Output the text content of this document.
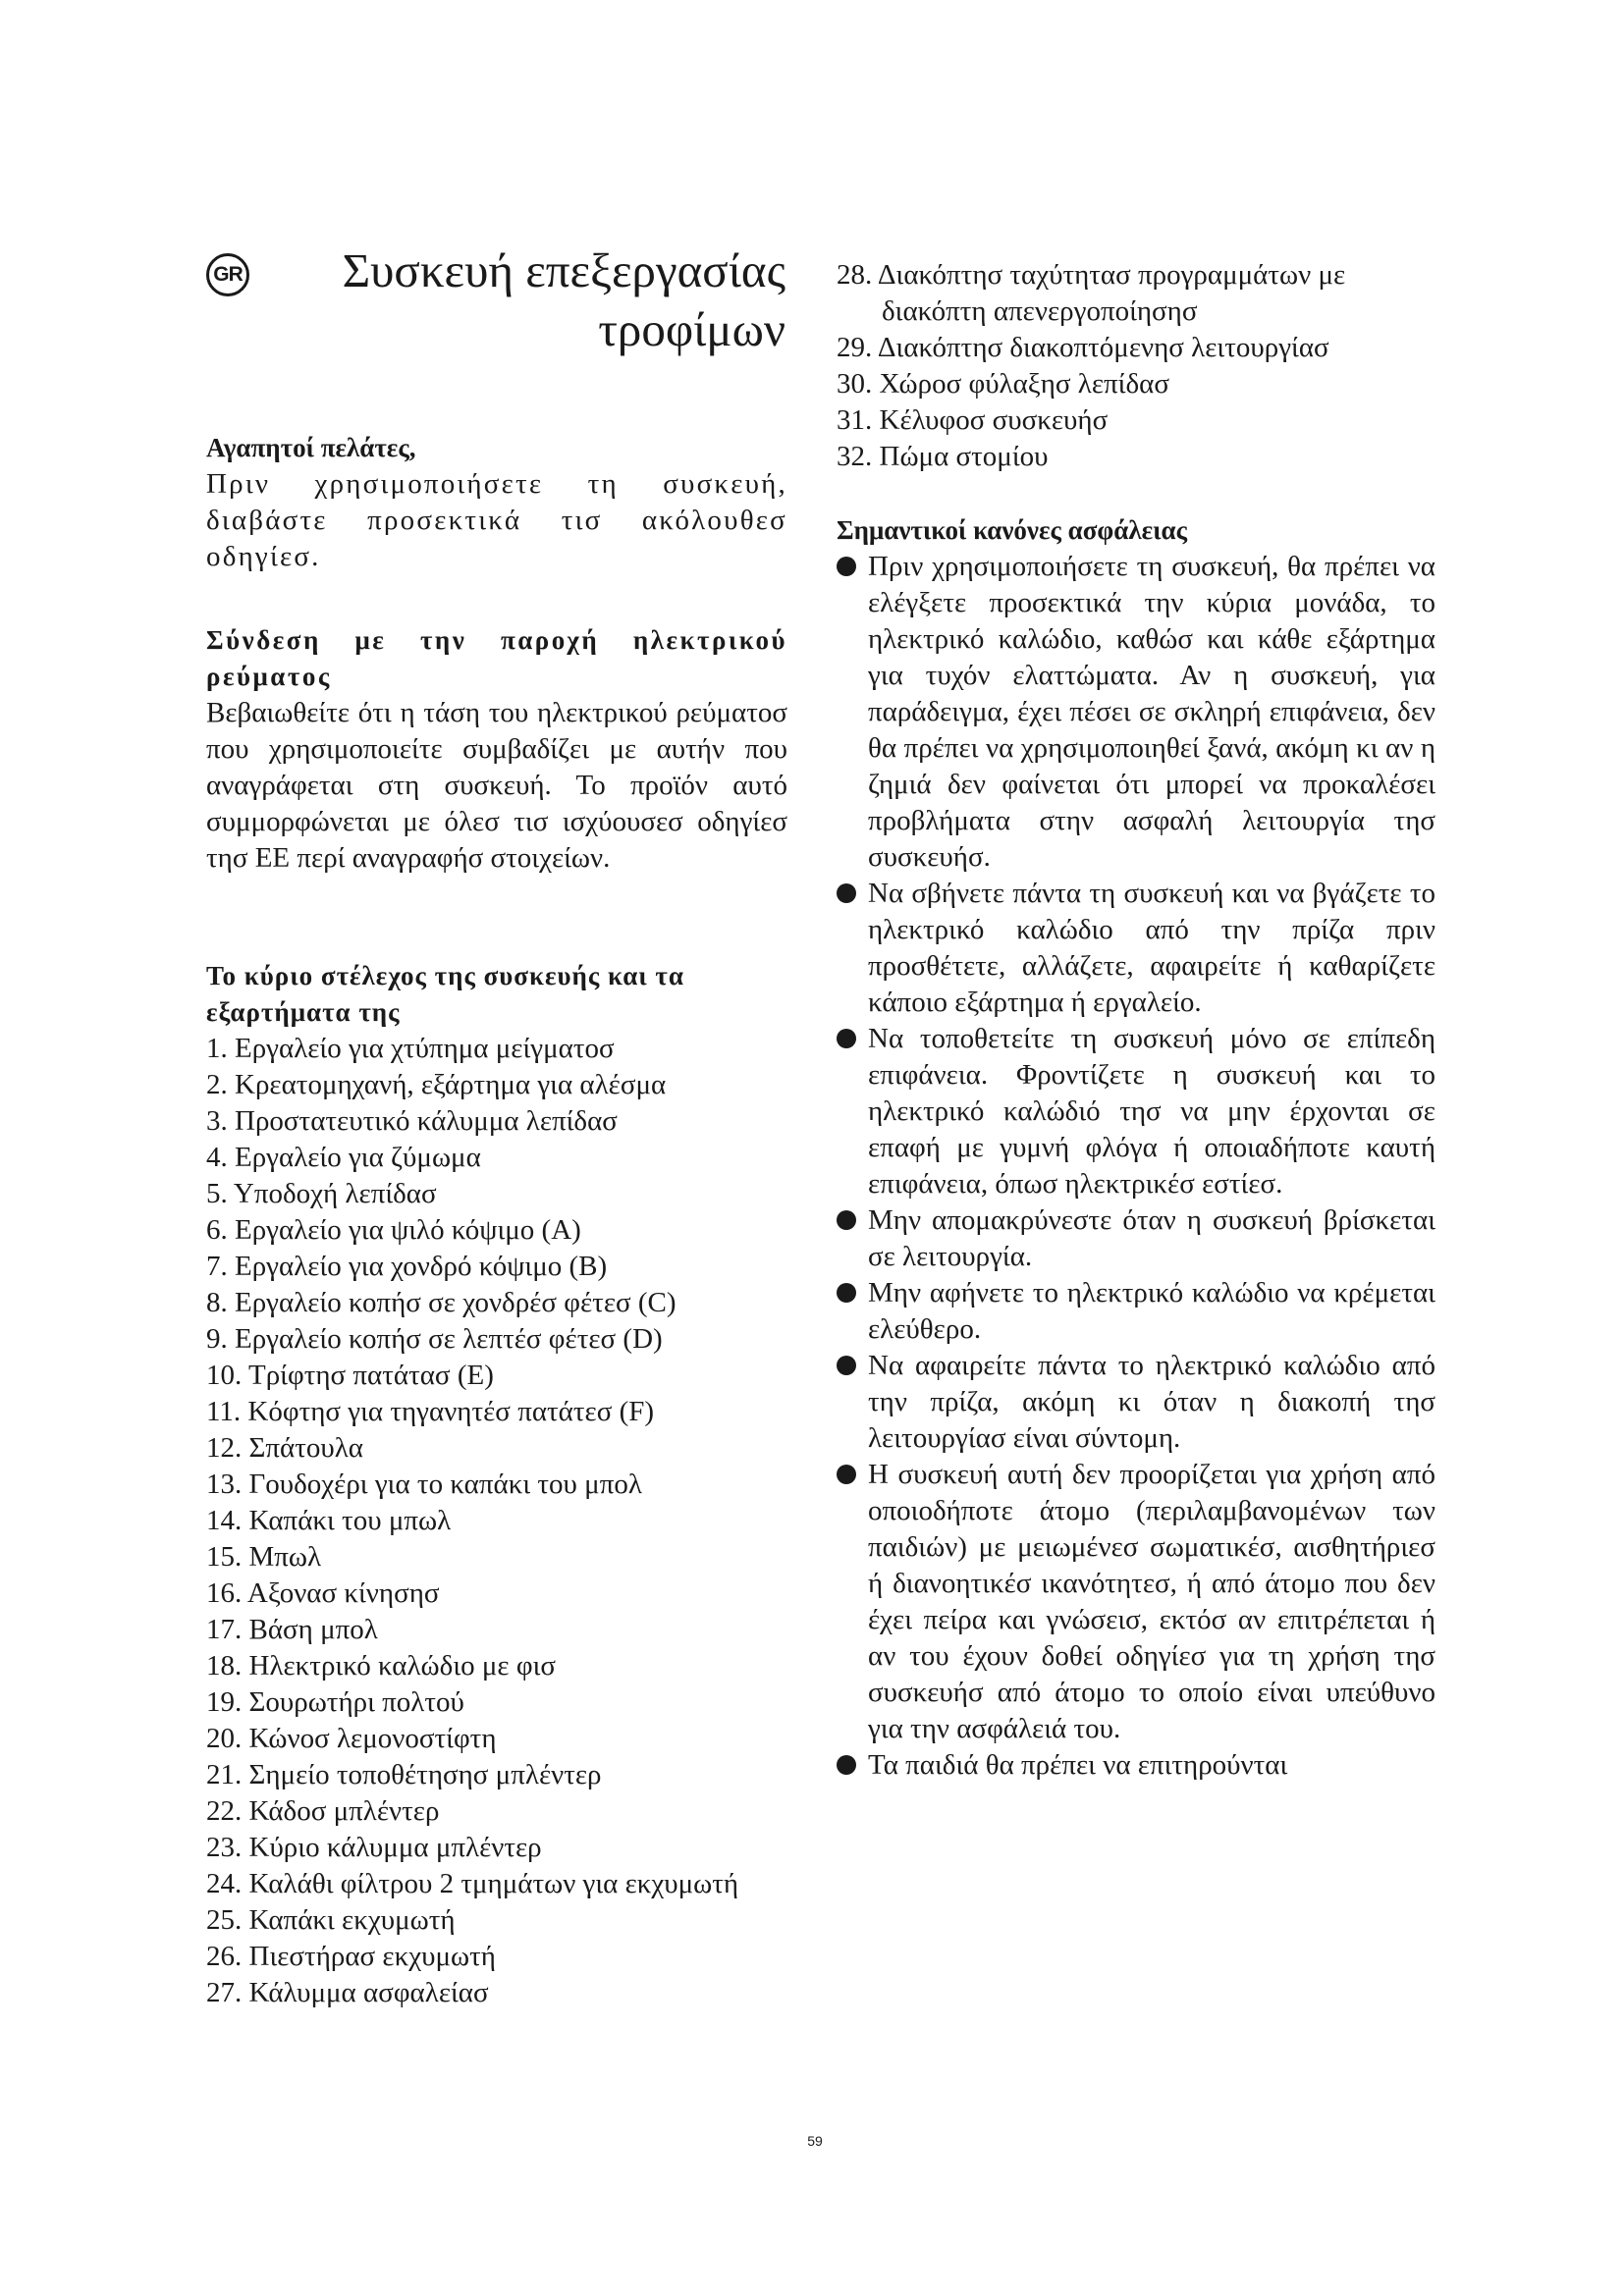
GR	Συσκευή επεξεργασίας
τροφίμων
Αγαπητοί πελάτες,

Πριν χρησιμοποιήσετε τη συσκευή, διαβάστε προσεκτικά τισ ακόλουθεσ οδηγίεσ.

Σύνδεση με την παροχή ηλεκτρικού ρεύματος

Βεβαιωθείτε ότι η τάση του ηλεκτρικού ρεύματοσ που χρησιμοποιείτε συμβαδίζει με αυτήν που αναγράφεται στη συσκευή. Το προϊόν αυτό συμμορφώνεται με όλεσ τισ ισχύουσεσ οδηγίεσ τησ ΕΕ περί αναγραφήσ στοιχείων.

Το κύριο στέλεχος της συσκευής και τα εξαρτήματα της
1. Εργαλείο για χτύπημα μείγματοσ
2. Κρεατομηχανή, εξάρτημα για αλέσμα
3. Προστατευτικό κάλυμμα λεπίδασ
4. Εργαλείο για ζύμωμα
5. Υποδοχή λεπίδασ
6. Εργαλείο για ψιλό κόψιμο (A)
7. Εργαλείο για χονδρό κόψιμο (B)
8. Εργαλείο κοπήσ σε χονδρέσ φέτεσ (C)
9. Εργαλείο κοπήσ σε λεπτέσ φέτεσ (D)
10. Τρίφτησ πατάτασ (E)
11. Κόφτησ για τηγανητέσ πατάτεσ (F)
12. Σπάτουλα
13. Γουδοχέρι για το καπάκι του μπολ
14. Καπάκι του μπωλ
15. Μπωλ
16. Αξονασ κίνησησ
17. Βάση μπολ
18. Ηλεκτρικό καλώδιο με φισ
19. Σουρωτήρι πολτού
20. Κώνοσ λεμονοστίφτη
21. Σημείο τοποθέτησησ μπλέντερ
22. Κάδοσ μπλέντερ
23. Κύριο κάλυμμα μπλέντερ
24. Καλάθι φίλτρου 2 τμημάτων για εκχυμωτή
25. Καπάκι εκχυμωτή
26. Πιεστήρασ εκχυμωτή
27. Κάλυμμα ασφαλείασ
28. Διακόπτησ ταχύτητασ προγραμμάτων με διακόπτη απενεργοποίησησ
29. Διακόπτησ διακοπτόμενησ λειτουργίασ
30. Χώροσ φύλαξησ λεπίδασ
31. Κέλυφοσ συσκευήσ
32. Πώμα στομίου
Σημαντικοί κανόνες ασφάλειας
Πριν χρησιμοποιήσετε τη συσκευή, θα πρέπει να ελέγξετε προσεκτικά την κύρια μονάδα, το ηλεκτρικό καλώδιο, καθώσ και κάθε εξάρτημα για τυχόν ελαττώματα. Αν η συσκευή, για παράδειγμα, έχει πέσει σε σκληρή επιφάνεια, δεν θα πρέπει να χρησιμοποιηθεί ξανά, ακόμη κι αν η ζημιά δεν φαίνεται ότι μπορεί να προκαλέσει προβλήματα στην ασφαλή λειτουργία τησ συσκευήσ.
Να σβήνετε πάντα τη συσκευή και να βγάζετε το ηλεκτρικό καλώδιο από την πρίζα πριν προσθέτετε, αλλάζετε, αφαιρείτε ή καθαρίζετε κάποιο εξάρτημα ή εργαλείο.
Να τοποθετείτε τη συσκευή μόνο σε επίπεδη επιφάνεια. Φροντίζετε η συσκευή και το ηλεκτρικό καλώδιό τησ να μην έρχονται σε επαφή με γυμνή φλόγα ή οποιαδήποτε καυτή επιφάνεια, όπωσ ηλεκτρικέσ εστίεσ.
Μην απομακρύνεστε όταν η συσκευή βρίσκεται σε λειτουργία.
Μην αφήνετε το ηλεκτρικό καλώδιο να κρέμεται ελεύθερο.
Να αφαιρείτε πάντα το ηλεκτρικό καλώδιο από την πρίζα, ακόμη κι όταν η διακοπή τησ λειτουργίασ είναι σύντομη.
Η συσκευή αυτή δεν προορίζεται για χρήση από οποιοδήποτε άτομο (περιλαμβανομένων των παιδιών) με μειωμένεσ σωματικέσ, αισθητήριεσ ή διανοητικέσ ικανότητεσ, ή από άτομο που δεν έχει πείρα και γνώσεισ, εκτόσ αν επιτρέπεται ή αν του έχουν δοθεί οδηγίεσ για τη χρήση τησ συσκευήσ από άτομο το οποίο είναι υπεύθυνο για την ασφάλειά του.
Τα παιδιά θα πρέπει να επιτηρούνται
59
